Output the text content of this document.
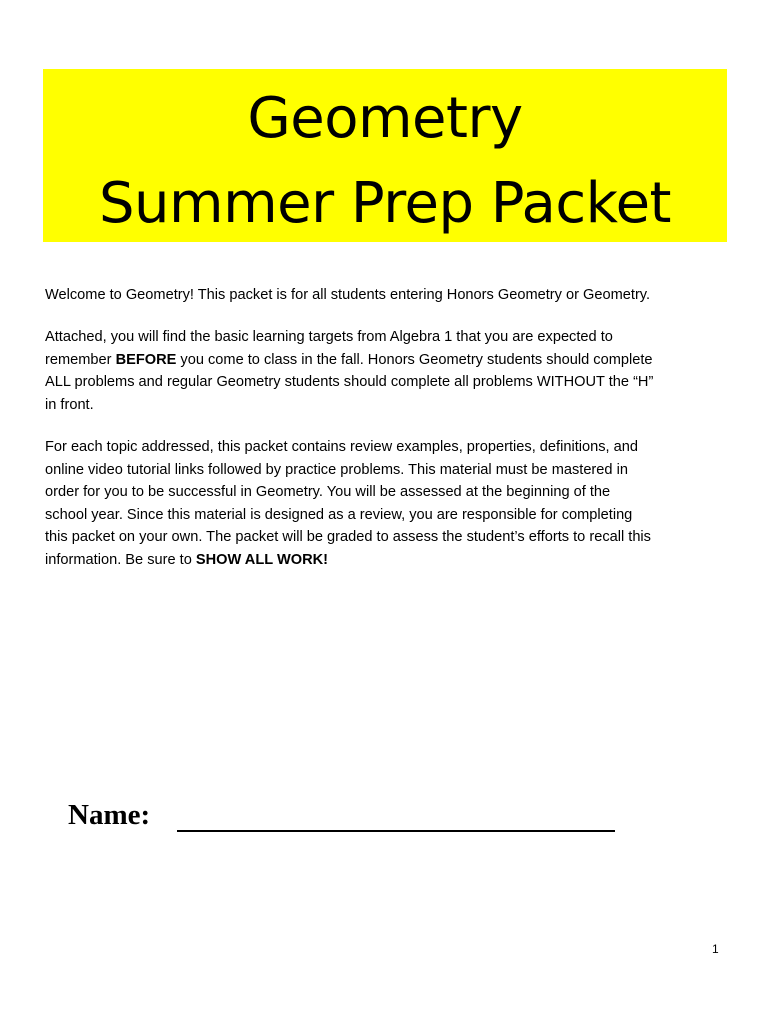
Geometry
Summer Prep Packet
Welcome to Geometry! This packet is for all students entering Honors Geometry or Geometry.
Attached, you will find the basic learning targets from Algebra 1 that you are expected to
remember BEFORE you come to class in the fall. Honors Geometry students should complete
ALL problems and regular Geometry students should complete all problems WITHOUT the “H”
in front.
For each topic addressed, this packet contains review examples, properties, definitions, and
online video tutorial links followed by practice problems. This material must be mastered in
order for you to be successful in Geometry. You will be assessed at the beginning of the
school year. Since this material is designed as a review, you are responsible for completing
this packet on your own. The packet will be graded to assess the student’s efforts to recall this
information. Be sure to SHOW ALL WORK!
Name:
1
